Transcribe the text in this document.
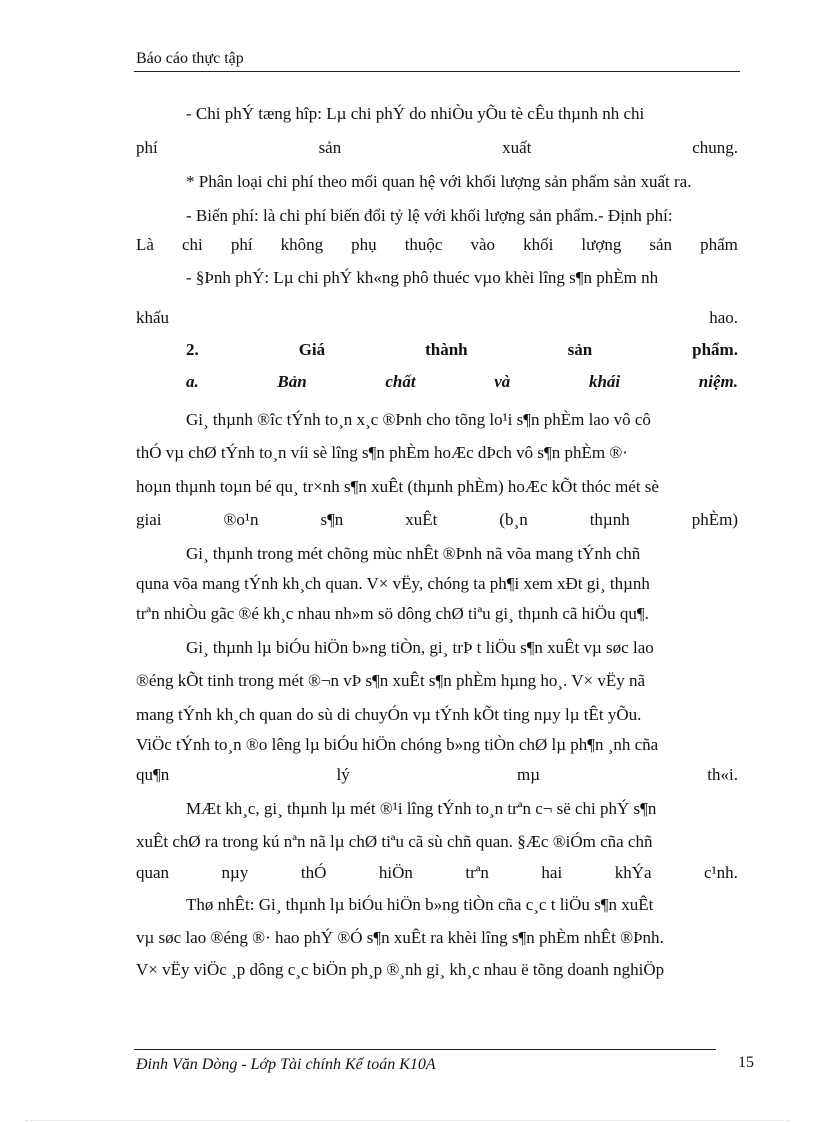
Báo cáo thực tập
- Chi phÝ tæng hîp: Lµ chi phÝ do nhiÒu yÕu tè cÊu thµnh nh chi
phí	sản	xuất	chung.
* Phân loại chi phí theo mối quan hệ với khối lượng sản phẩm sản xuất ra.
- Biến phí: là chi phí biến đổi tỷ lệ với khối lượng sản phẩm.- Định phí:
Là chi phí không phụ thuộc vào khối lượng sản phẩm
- §Þnh phÝ: Lµ chi phÝ kh«ng phô thuéc vµo khèi lîng s¶n phÈm nh
khấu	hao.
2.	Giá	thành	sản	phẩm.
a.	Bản	chất	và	khái	niệm.
Gi¸ thµnh ®îc tÝnh to¸n x¸c ®Þnh cho tõng lo¹i s¶n phÈm lao vô cô
thÓ vµ chØ tÝnh to¸n víi sè lîng s¶n phÈm hoÆc dÞch vô s¶n phÈm ®·
hoµn thµnh toµn bé qu¸ tr×nh s¶n xuÊt (thµnh phÈm) hoÆc kÕt thóc mét sè
giai	®o¹n	s¶n	xuÊt	(b¸n	thµnh	phÈm)
Gi¸ thµnh trong mét chõng mùc nhÊt ®Þnh nã võa mang tÝnh chñ
quna võa mang tÝnh kh¸ch quan. V× vËy, chóng ta ph¶i xem xÐt gi¸ thµnh
trªn nhiÒu gãc ®é kh¸c nhau nh»m sö dông chØ tiªu gi¸ thµnh cã hiÖu qu¶.
Gi¸ thµnh lµ biÓu hiÖn b»ng tiÒn, gi¸ trÞ t liÖu s¶n xuÊt vµ søc lao
®éng kÕt tinh trong mét ®¬n vÞ s¶n xuÊt s¶n phÈm hµng ho¸. V× vËy nã
mang tÝnh kh¸ch quan do sù di chuyÓn vµ tÝnh kÕt ting nµy lµ tÊt yÕu.
ViÖc tÝnh to¸n ®o lêng lµ biÓu hiÖn chóng b»ng tiÒn chØ lµ ph¶n ¸nh cña
qu¶n	lý	mµ	th«i.
MÆt kh¸c, gi¸ thµnh lµ mét ®¹i lîng tÝnh to¸n trªn c¬ së chi phÝ s¶n
xuÊt chØ ra trong kú nªn nã lµ chØ tiªu cã sù chñ quan. §Æc ®iÓm cña chñ
quan	nµy	thÓ	hiÖn	trªn	hai	khÝa	c¹nh.
Thø nhÊt: Gi¸ thµnh lµ biÓu hiÖn b»ng tiÒn cña c¸c t liÖu s¶n xuÊt
vµ søc lao ®éng ®· hao phÝ ®Ó s¶n xuÊt ra khèi lîng s¶n phÈm nhÊt ®Þnh.
V× vËy viÖc ¸p dông c¸c biÖn ph¸p ®¸nh gi¸ kh¸c nhau ë tõng doanh nghiÖp
Đinh Văn Dòng - Lớp Tài chính Kế toán K10A	15
